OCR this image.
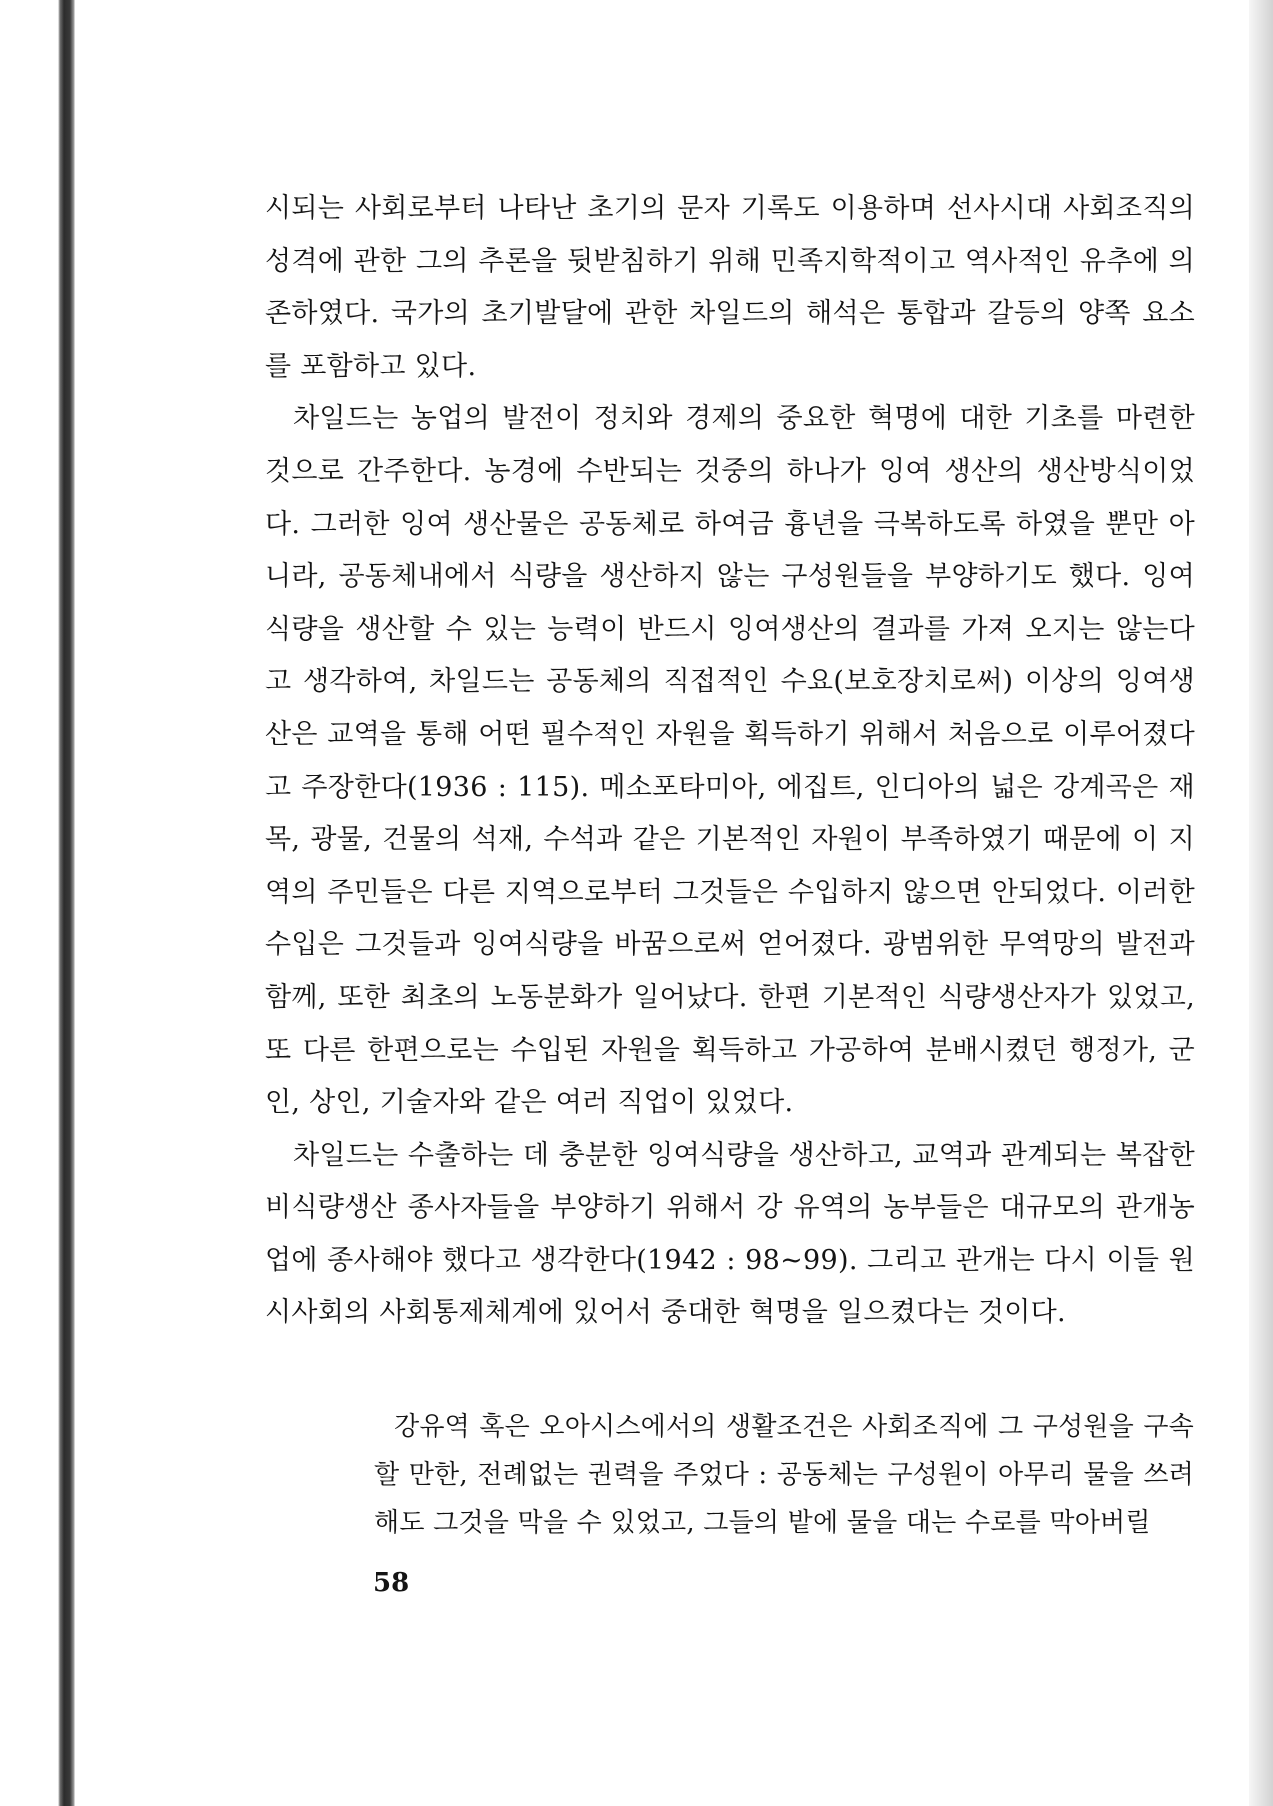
시되는 사회로부터 나타난 초기의 문자 기록도 이용하며 선사시대 사회조직의 성격에 관한 그의 추론을 뒷받침하기 위해 민족지학적이고 역사적인 유추에 의존하였다. 국가의 초기발달에 관한 차일드의 해석은 통합과 갈등의 양쪽 요소를 포함하고 있다.

차일드는 농업의 발전이 정치와 경제의 중요한 혁명에 대한 기초를 마련한 것으로 간주한다. 농경에 수반되는 것중의 하나가 잉여 생산의 생산방식이었다. 그러한 잉여 생산물은 공동체로 하여금 흉년을 극복하도록 하였을 뿐만 아니라, 공동체내에서 식량을 생산하지 않는 구성원들을 부양하기도 했다. 잉여 식량을 생산할 수 있는 능력이 반드시 잉여생산의 결과를 가져 오지는 않는다고 생각하여, 차일드는 공동체의 직접적인 수요(보호장치로써) 이상의 잉여생산은 교역을 통해 어떤 필수적인 자원을 획득하기 위해서 처음으로 이루어졌다고 주장한다(1936 : 115). 메소포타미아, 에집트, 인디아의 넓은 강계곡은 재목, 광물, 건물의 석재, 수석과 같은 기본적인 자원이 부족하였기 때문에 이 지역의 주민들은 다른 지역으로부터 그것들은 수입하지 않으면 안되었다. 이러한 수입은 그것들과 잉여식량을 바꿈으로써 얻어졌다. 광범위한 무역망의 발전과 함께, 또한 최초의 노동분화가 일어났다. 한편 기본적인 식량생산자가 있었고, 또 다른 한편으로는 수입된 자원을 획득하고 가공하여 분배시켰던 행정가, 군인, 상인, 기술자와 같은 여러 직업이 있었다.

차일드는 수출하는 데 충분한 잉여식량을 생산하고, 교역과 관계되는 복잡한 비식량생산 종사자들을 부양하기 위해서 강 유역의 농부들은 대규모의 관개농업에 종사해야 했다고 생각한다(1942 : 98~99). 그리고 관개는 다시 이들 원시사회의 사회통제체계에 있어서 중대한 혁명을 일으켰다는 것이다.

강유역 혹은 오아시스에서의 생활조건은 사회조직에 그 구성원을 구속할 만한, 전례없는 권력을 주었다 : 공동체는 구성원이 아무리 물을 쓰려해도 그것을 막을 수 있었고, 그들의 밭에 물을 대는 수로를 막아버릴

58
